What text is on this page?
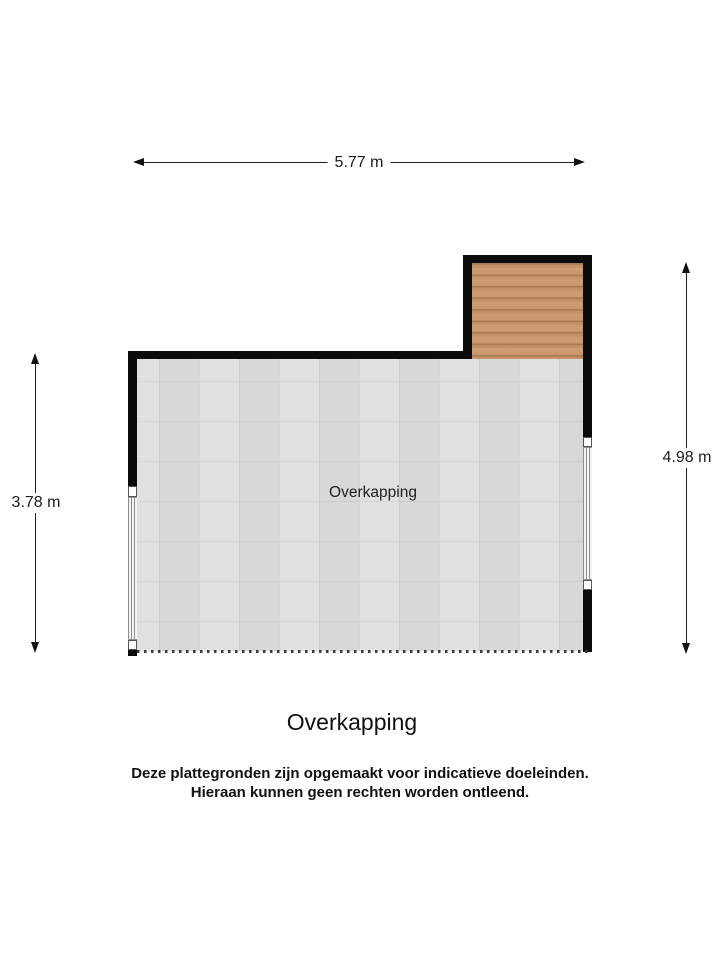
5.77 m
3.78 m
4.98 m
Overkapping
Overkapping
Deze plattegronden zijn opgemaakt voor indicatieve doeleinden.
Hieraan kunnen geen rechten worden ontleend.
